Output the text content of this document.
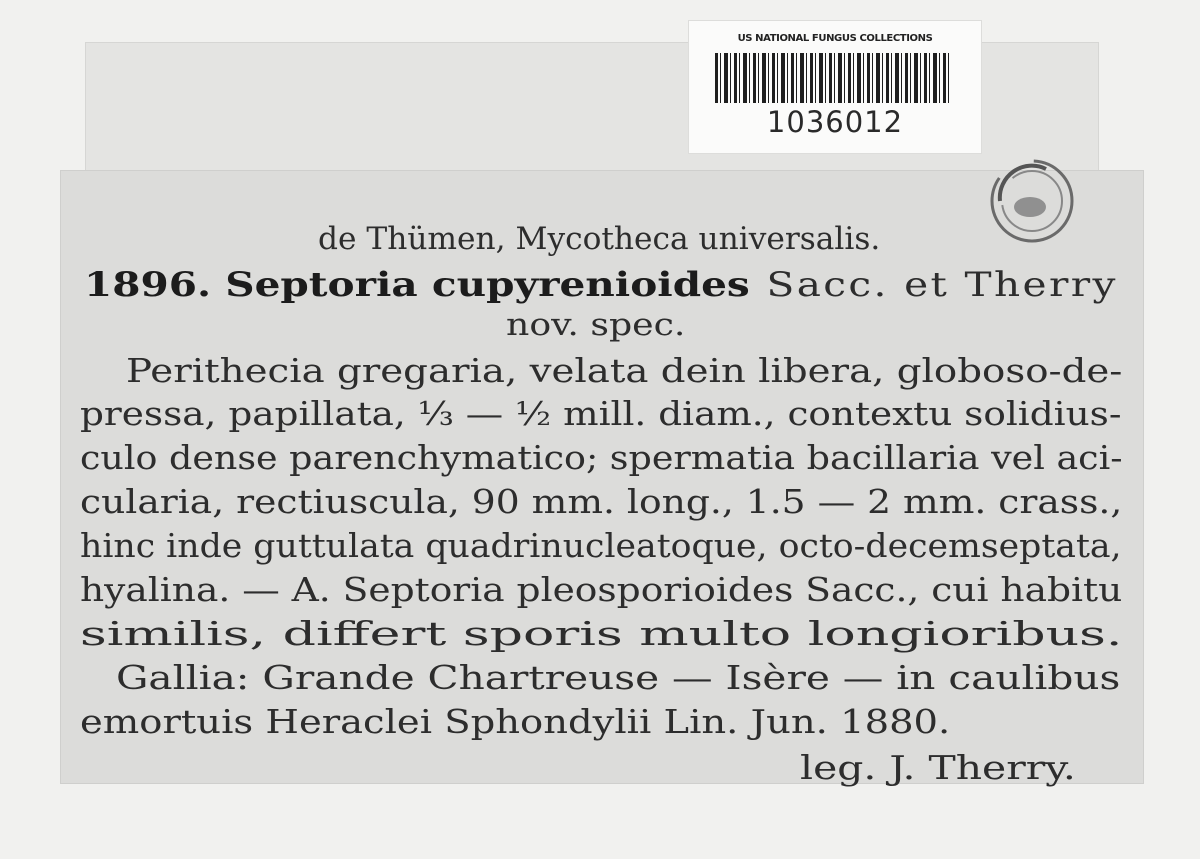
US NATIONAL FUNGUS COLLECTIONS
1036012
de Thümen, Mycotheca universalis.
1896. Septoria cupyrenioides Sacc. et Therry
nov. spec.
Perithecia gregaria, velata dein libera, globoso-de-
pressa, papillata, ⅓ — ½ mill. diam., contextu solidius-
culo dense parenchymatico; spermatia bacillaria vel aci-
cularia, rectiuscula, 90 mm. long., 1.5 — 2 mm. crass.,
hinc inde guttulata quadrinucleatoque, octo-decemseptata,
hyalina. — A. Septoria pleosporioides Sacc., cui habitu
similis, differt sporis multo longioribus.
Gallia: Grande Chartreuse — Isère — in caulibus
emortuis Heraclei Sphondylii Lin. Jun. 1880.
leg. J. Therry.
